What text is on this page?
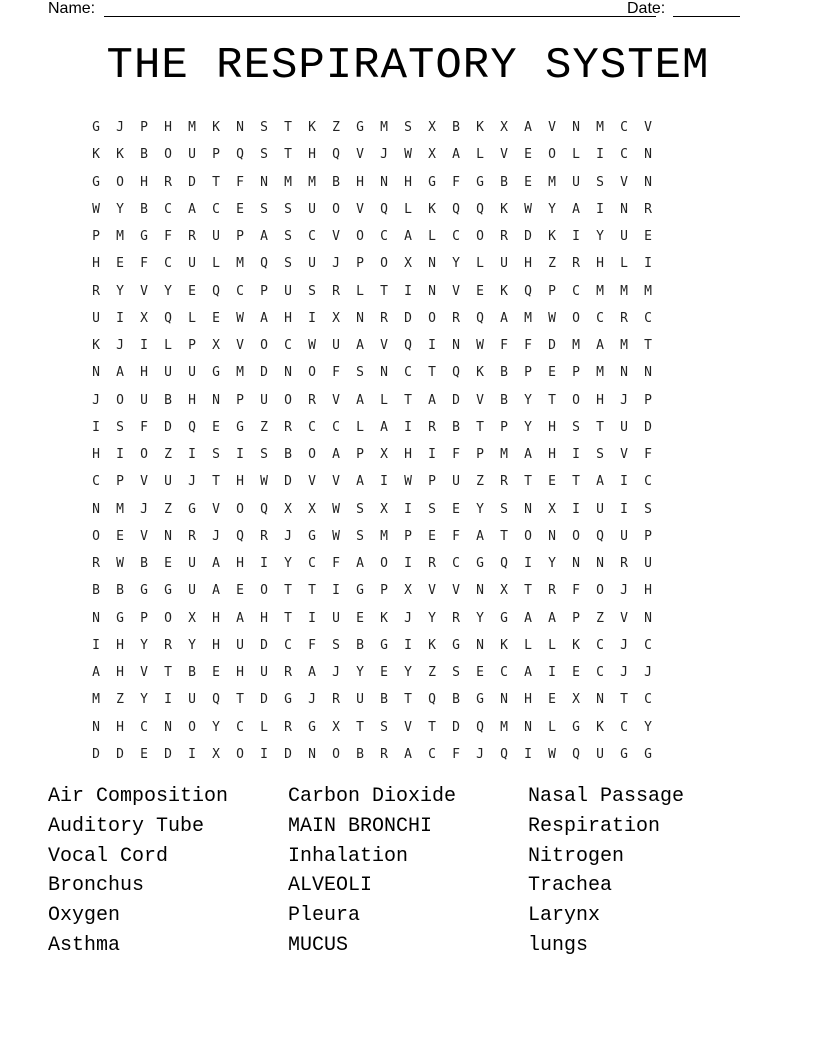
Name:	Date:
THE RESPIRATORY SYSTEM
G	J	P	H	M	K	N	S	T	K	Z	G	M	S	X	B	K	X	A	V	N	M	C	V
K	K	B	O	U	P	Q	S	T	H	Q	V	J	W	X	A	L	V	E	O	L	I	C	N
G	O	H	R	D	T	F	N	M	M	B	H	N	H	G	F	G	B	E	M	U	S	V	N
W	Y	B	C	A	C	E	S	S	U	O	V	Q	L	K	Q	Q	K	W	Y	A	I	N	R
P	M	G	F	R	U	P	A	S	C	V	O	C	A	L	C	O	R	D	K	I	Y	U	E
H	E	F	C	U	L	M	Q	S	U	J	P	O	X	N	Y	L	U	H	Z	R	H	L	I
R	Y	V	Y	E	Q	C	P	U	S	R	L	T	I	N	V	E	K	Q	P	C	M	M	M
U	I	X	Q	L	E	W	A	H	I	X	N	R	D	O	R	Q	A	M	W	O	C	R	C
K	J	I	L	P	X	V	O	C	W	U	A	V	Q	I	N	W	F	F	D	M	A	M	T
N	A	H	U	U	G	M	D	N	O	F	S	N	C	T	Q	K	B	P	E	P	M	N	N
J	O	U	B	H	N	P	U	O	R	V	A	L	T	A	D	V	B	Y	T	O	H	J	P
I	S	F	D	Q	E	G	Z	R	C	C	L	A	I	R	B	T	P	Y	H	S	T	U	D
H	I	O	Z	I	S	I	S	B	O	A	P	X	H	I	F	P	M	A	H	I	S	V	F
C	P	V	U	J	T	H	W	D	V	V	A	I	W	P	U	Z	R	T	E	T	A	I	C
N	M	J	Z	G	V	O	Q	X	X	W	S	X	I	S	E	Y	S	N	X	I	U	I	S
O	E	V	N	R	J	Q	R	J	G	W	S	M	P	E	F	A	T	O	N	O	Q	U	P
R	W	B	E	U	A	H	I	Y	C	F	A	O	I	R	C	G	Q	I	Y	N	N	R	U
B	B	G	G	U	A	E	O	T	T	I	G	P	X	V	V	N	X	T	R	F	O	J	H
N	G	P	O	X	H	A	H	T	I	U	E	K	J	Y	R	Y	G	A	A	P	Z	V	N
I	H	Y	R	Y	H	U	D	C	F	S	B	G	I	K	G	N	K	L	L	K	C	J	C
A	H	V	T	B	E	H	U	R	A	J	Y	E	Y	Z	S	E	C	A	I	E	C	J	J
M	Z	Y	I	U	Q	T	D	G	J	R	U	B	T	Q	B	G	N	H	E	X	N	T	C
N	H	C	N	O	Y	C	L	R	G	X	T	S	V	T	D	Q	M	N	L	G	K	C	Y
D	D	E	D	I	X	O	I	D	N	O	B	R	A	C	F	J	Q	I	W	Q	U	G	G
Air Composition
Auditory Tube
Vocal Cord
Bronchus
Oxygen
Asthma
Carbon Dioxide
MAIN BRONCHI
Inhalation
ALVEOLI
Pleura
MUCUS
Nasal Passage
Respiration
Nitrogen
Trachea
Larynx
lungs
